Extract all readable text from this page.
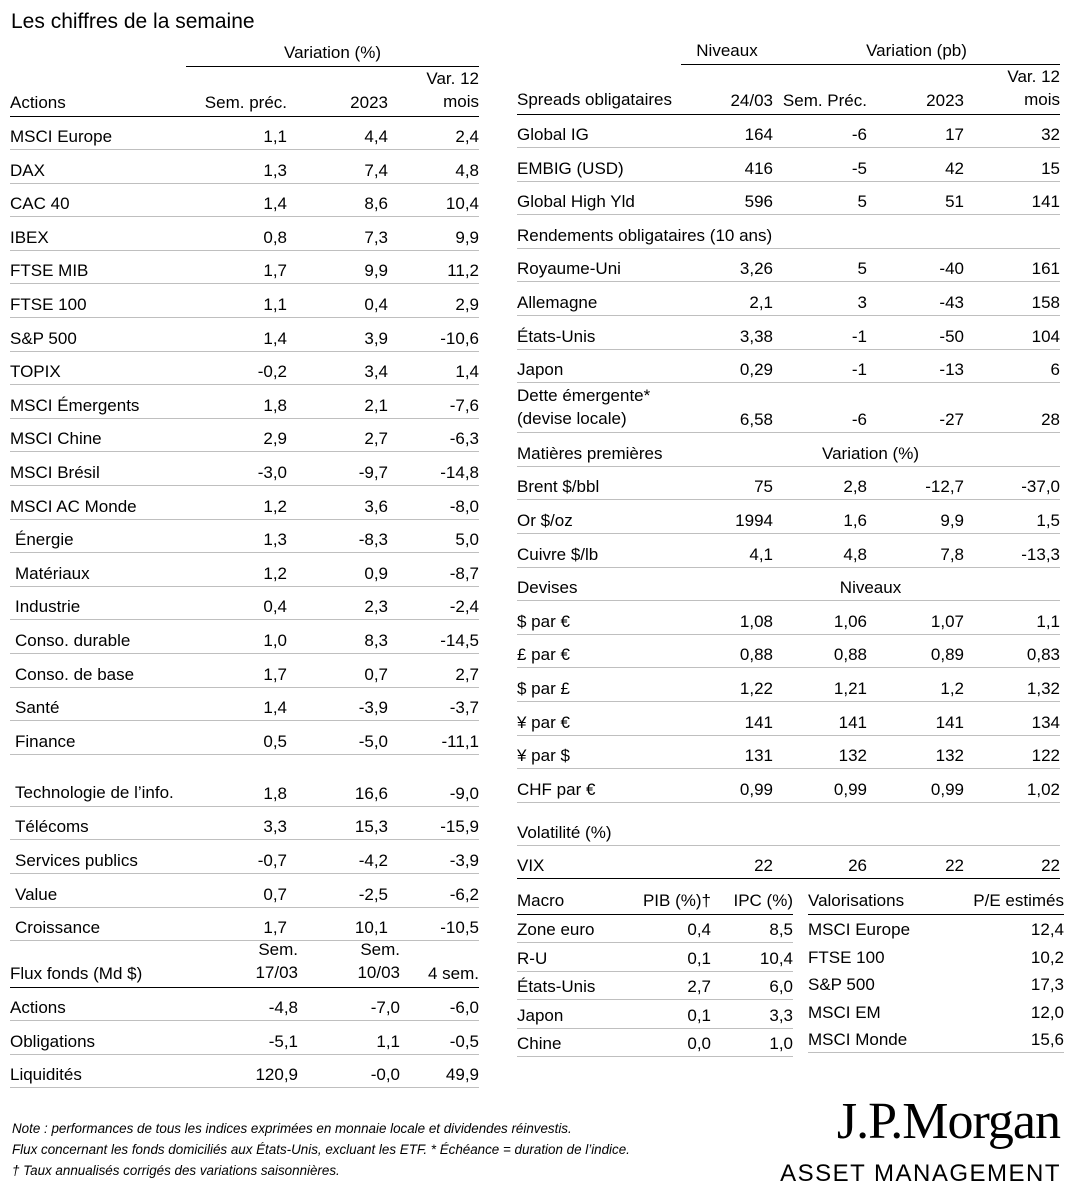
Les chiffres de la semaine
	Variation (%)		
Actions	Sem. préc.	2023	Var. 12 mois
MSCI Europe	1,1	4,4	2,4
DAX	1,3	7,4	4,8
CAC 40	1,4	8,6	10,4
IBEX	0,8	7,3	9,9
FTSE MIB	1,7	9,9	11,2
FTSE 100	1,1	0,4	2,9
S&P 500	1,4	3,9	-10,6
TOPIX	-0,2	3,4	1,4
MSCI Émergents	1,8	2,1	-7,6
MSCI Chine	2,9	2,7	-6,3
MSCI Brésil	-3,0	-9,7	-14,8
MSCI AC Monde	1,2	3,6	-8,0
Énergie	1,3	-8,3	5,0
Matériaux	1,2	0,9	-8,7
Industrie	0,4	2,3	-2,4
Conso. durable	1,0	8,3	-14,5
Conso. de base	1,7	0,7	2,7
Santé	1,4	-3,9	-3,7
Finance	0,5	-5,0	-11,1
Technologie de l’info.	1,8	16,6	-9,0
Télécoms	3,3	15,3	-15,9
Services publics	-0,7	-4,2	-3,9
Value	0,7	-2,5	-6,2
Croissance	1,7	10,1	-10,5
Flux fonds (Md $)	Sem. 17/03	Sem. 10/03	4 sem.
Actions	-4,8	-7,0	-6,0
Obligations	-5,1	1,1	-0,5
Liquidités	120,9	-0,0	49,9
	Niveaux	Variation (pb)		
Spreads obligataires	24/03	Sem. Préc.	2023	Var. 12 mois
Global IG	164	-6	17	32
EMBIG (USD)	416	-5	42	15
Global High Yld	596	5	51	141
Rendements obligataires (10 ans)				
Royaume-Uni	3,26	5	-40	161
Allemagne	2,1	3	-43	158
États-Unis	3,38	-1	-50	104
Japon	0,29	-1	-13	6
Dette émergente* (devise locale)	6,58	-6	-27	28
Matières premières	Variation (%)			
Brent $/bbl	75	2,8	-12,7	-37,0
Or $/oz	1994	1,6	9,9	1,5
Cuivre $/lb	4,1	4,8	7,8	-13,3
Devises	Niveaux			
$ par €	1,08	1,06	1,07	1,1
£ par €	0,88	0,88	0,89	0,83
$ par £	1,22	1,21	1,2	1,32
¥ par €	141	141	141	134
¥ par $	131	132	132	122
CHF par €	0,99	0,99	0,99	1,02
Volatilité (%)				
VIX	22	26	22	22
Macro	PIB (%)†	IPC (%)
Zone euro	0,4	8,5
R-U	0,1	10,4
États-Unis	2,7	6,0
Japon	0,1	3,3
Chine	0,0	1,0
Valorisations	P/E estimés
MSCI Europe	12,4
FTSE 100	10,2
S&P 500	17,3
MSCI EM	12,0
MSCI Monde	15,6
Note : performances de tous les indices exprimées en monnaie locale et dividendes réinvestis.
Flux concernant les fonds domiciliés aux États-Unis, excluant les ETF. * Échéance = duration de l’indice.
† Taux annualisés corrigés des variations saisonnières.
J.P.Morgan
ASSET MANAGEMENT
